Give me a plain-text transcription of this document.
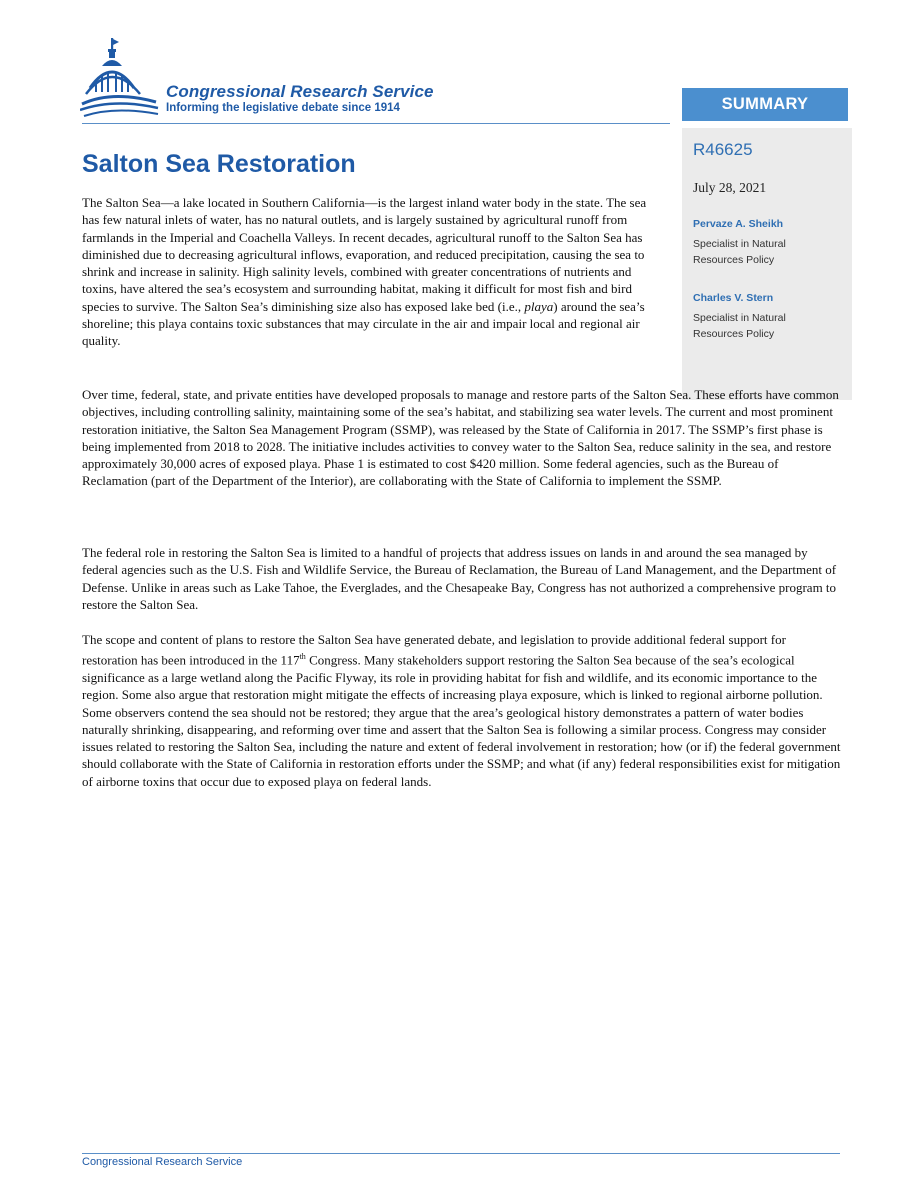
Congressional Research Service
Informing the legislative debate since 1914	SUMMARY
R46625
July 28, 2021
Pervaze A. Sheikh
Specialist in Natural Resources Policy
Charles V. Stern
Specialist in Natural Resources Policy
Salton Sea Restoration

The Salton Sea—a lake located in Southern California—is the largest inland water body in the state. The sea has few natural inlets of water, has no natural outlets, and is largely sustained by agricultural runoff from farmlands in the Imperial and Coachella Valleys. In recent decades, agricultural runoff to the Salton Sea has diminished due to decreasing agricultural inflows, evaporation, and reduced precipitation, causing the sea to shrink and increase in salinity. High salinity levels, combined with greater concentrations of nutrients and toxins, have altered the sea’s ecosystem and surrounding habitat, making it difficult for most fish and bird species to survive. The Salton Sea’s diminishing size also has exposed lake bed (i.e., playa) around the sea’s shoreline; this playa contains toxic substances that may circulate in the air and impair local and regional air quality.

Over time, federal, state, and private entities have developed proposals to manage and restore parts of the Salton Sea. These efforts have common objectives, including controlling salinity, maintaining some of the sea’s habitat, and stabilizing sea water levels. The current and most prominent restoration initiative, the Salton Sea Management Program (SSMP), was released by the State of California in 2017. The SSMP’s first phase is being implemented from 2018 to 2028. The initiative includes activities to convey water to the Salton Sea, reduce salinity in the sea, and restore approximately 30,000 acres of exposed playa. Phase 1 is estimated to cost $420 million. Some federal agencies, such as the Bureau of Reclamation (part of the Department of the Interior), are collaborating with the State of California to implement the SSMP.

The federal role in restoring the Salton Sea is limited to a handful of projects that address issues on lands in and around the sea managed by federal agencies such as the U.S. Fish and Wildlife Service, the Bureau of Reclamation, the Bureau of Land Management, and the Department of Defense. Unlike in areas such as Lake Tahoe, the Everglades, and the Chesapeake Bay, Congress has not authorized a comprehensive program to restore the Salton Sea.

The scope and content of plans to restore the Salton Sea have generated debate, and legislation to provide additional federal support for restoration has been introduced in the 117th Congress. Many stakeholders support restoring the Salton Sea because of the sea’s ecological significance as a large wetland along the Pacific Flyway, its role in providing habitat for fish and wildlife, and its economic importance to the region. Some also argue that restoration might mitigate the effects of increasing playa exposure, which is linked to regional airborne pollution. Some observers contend the sea should not be restored; they argue that the area’s geological history demonstrates a pattern of water bodies naturally shrinking, disappearing, and reforming over time and assert that the Salton Sea is following a similar process. Congress may consider issues related to restoring the Salton Sea, including the nature and extent of federal involvement in restoration; how (or if) the federal government should collaborate with the State of California in restoration efforts under the SSMP; and what (if any) federal responsibilities exist for mitigation of airborne toxins that occur due to exposed playa on federal lands.

Congressional Research Service
